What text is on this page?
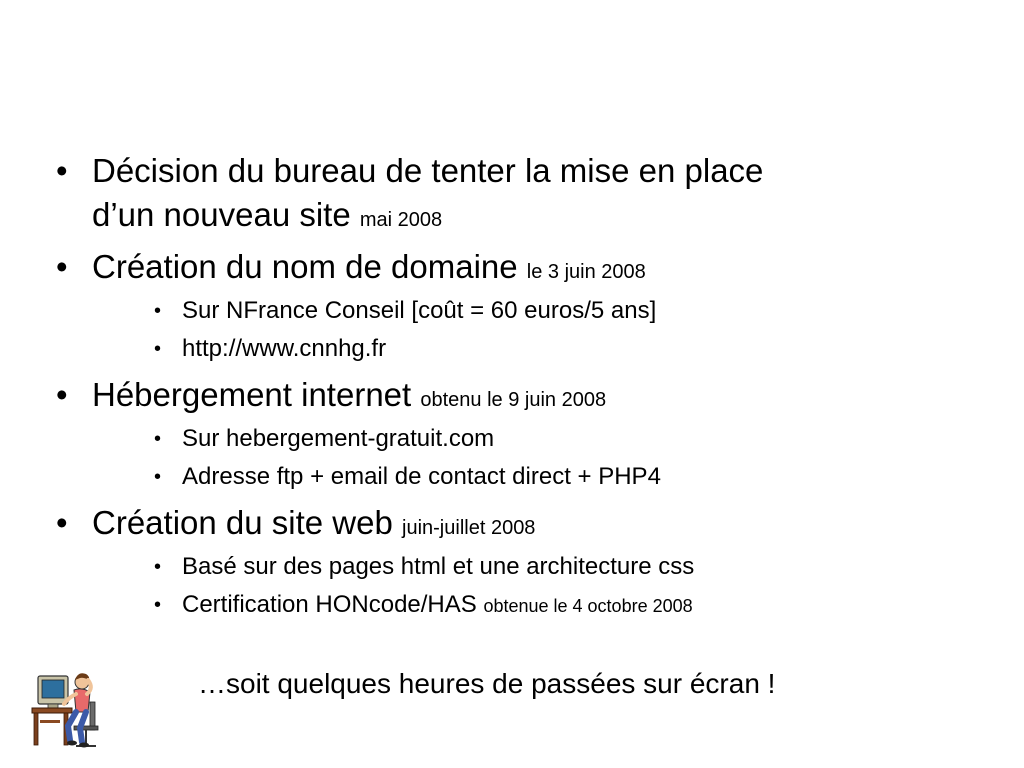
• Décision du bureau de tenter la mise en place
d’un nouveau site mai 2008
• Création du nom de domaine le 3 juin 2008
• Sur NFrance Conseil [coût = 60 euros/5 ans]
• http://www.cnnhg.fr
• Hébergement internet obtenu le 9 juin 2008
• Sur hebergement-gratuit.com
• Adresse ftp + email de contact direct + PHP4
• Création du site web juin-juillet 2008
• Basé sur des pages html et une architecture css
• Certification HONcode/HAS obtenue le 4 octobre 2008
…soit quelques heures de passées sur écran !
